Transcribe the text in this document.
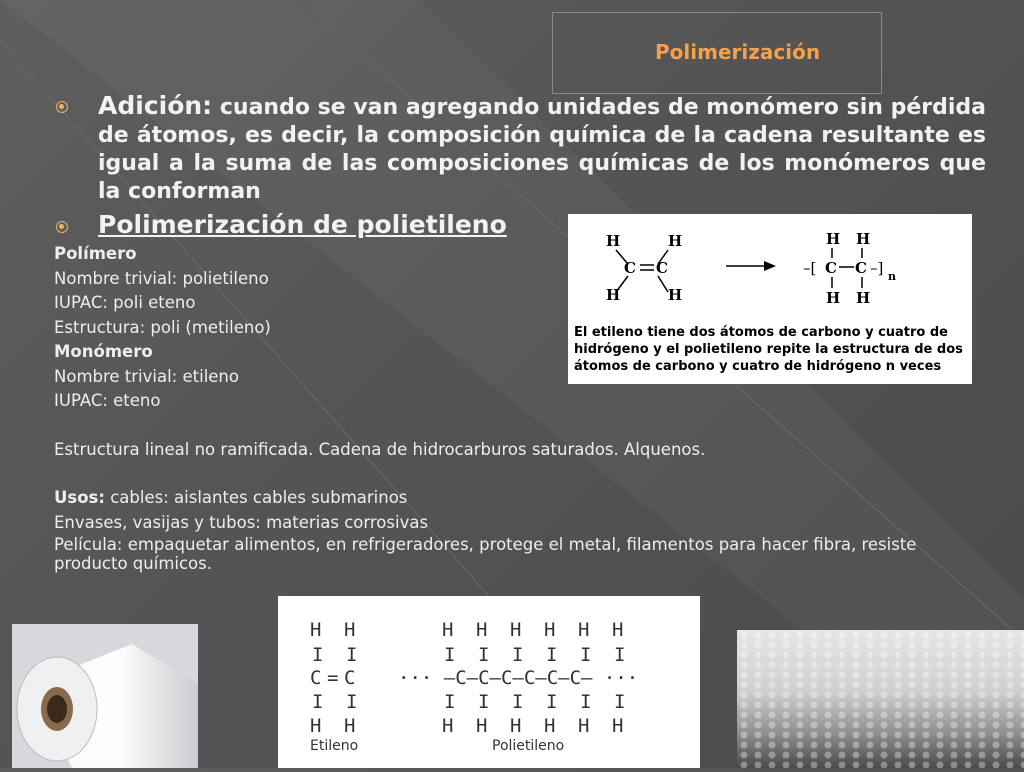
Polimerización
Adición: cuando se van agregando unidades de monómero sin pérdida de átomos, es decir, la composición química de la cadena resultante es igual a la suma de las composiciones químicas de los monómeros que la conforman
Polimerización de polietileno
Polímero
Nombre trivial: polietileno
IUPAC: poli eteno
Estructura: poli (metileno)
Monómero
Nombre trivial: etileno
IUPAC: eteno
Estructura lineal no ramificada. Cadena de hidrocarburos saturados. Alquenos.
Usos: cables: aislantes cables submarinos
Envases, vasijas y tubos: materias corrosivas
Película: empaquetar alimentos, en refrigeradores, protege el metal, filamentos para hacer fibra, resiste producto químicos.
H	H
C C
H	H
H H
–[ C C –] n
H H
El etileno tiene dos átomos de carbono y cuatro de
hidrógeno y el polietileno repite la estructura de dos
átomos de carbono y cuatro de hidrógeno n veces
H H
I I
C = C
I I
H H
H H H H H H
I I I I I I
··· –C–C–C–C–C–C– ···
I I I I I I
H H H H H H
Etileno	Polietileno
